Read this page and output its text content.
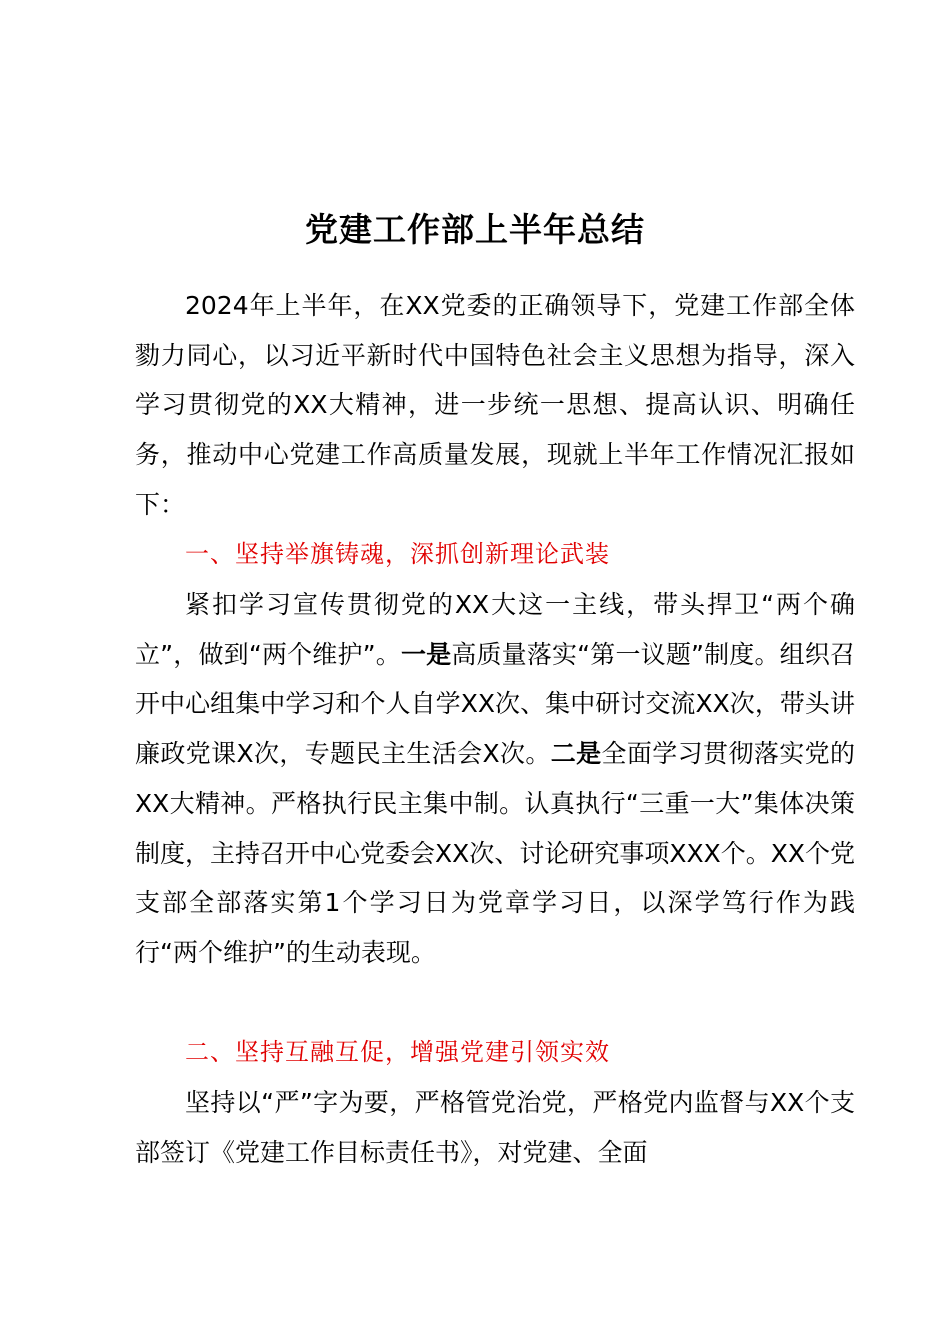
党建工作部上半年总结

2024年上半年，在XX党委的正确领导下，党建工作部全体勠力同心，以习近平新时代中国特色社会主义思想为指导，深入学习贯彻党的XX大精神，进一步统一思想、提高认识、明确任务，推动中心党建工作高质量发展，现就上半年工作情况汇报如下：

一、坚持举旗铸魂，深抓创新理论武装

紧扣学习宣传贯彻党的XX大这一主线，带头捍卫“两个确立”，做到“两个维护”。一是高质量落实“第一议题”制度。组织召开中心组集中学习和个人自学XX次、集中研讨交流XX次，带头讲廉政党课X次，专题民主生活会X次。二是全面学习贯彻落实党的XX大精神。严格执行民主集中制。认真执行“三重一大”集体决策制度，主持召开中心党委会XX次、讨论研究事项XXX个。XX个党支部全部落实第1个学习日为党章学习日，以深学笃行作为践行“两个维护”的生动表现。

二、坚持互融互促，增强党建引领实效

坚持以“严”字为要，严格管党治党，严格党内监督与XX个支部签订《党建工作目标责任书》，对党建、全面
